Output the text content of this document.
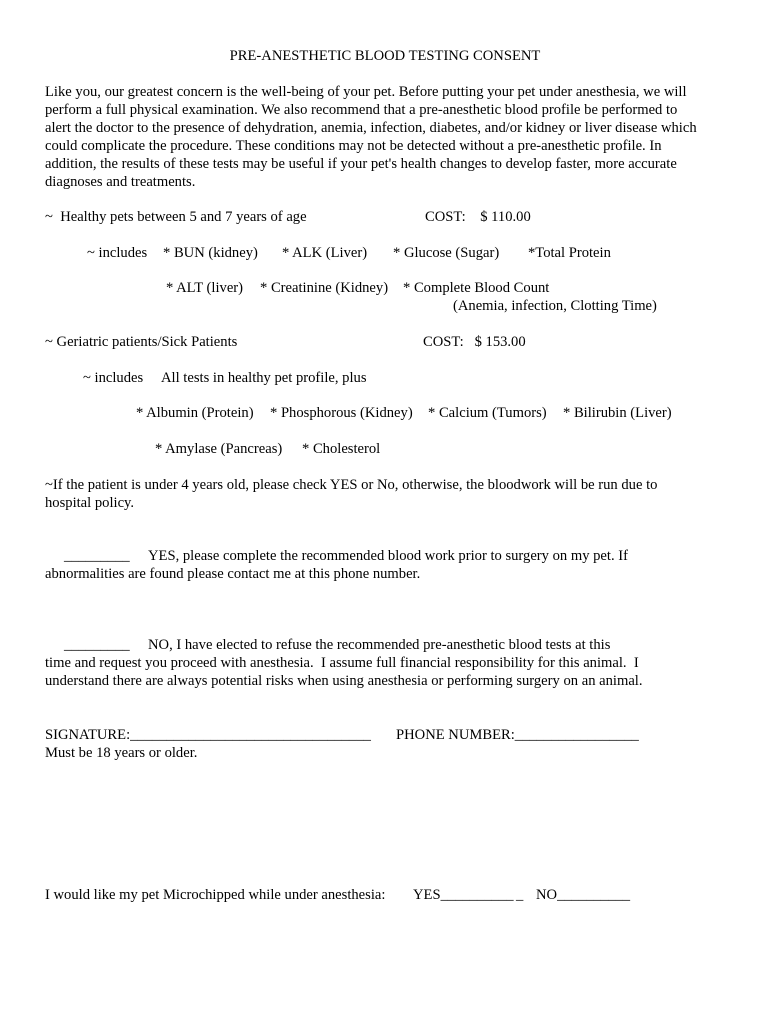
PRE-ANESTHETIC BLOOD TESTING CONSENT
Like you, our greatest concern is the well-being of your pet. Before putting your pet under anesthesia, we will
perform a full physical examination. We also recommend that a pre-anesthetic blood profile be performed to
alert the doctor to the presence of dehydration, anemia, infection, diabetes, and/or kidney or liver disease which
could complicate the procedure. These conditions may not be detected without a pre-anesthetic profile. In
addition, the results of these tests may be useful if your pet's health changes to develop faster, more accurate
diagnoses and treatments.
~  Healthy pets between 5 and 7 years of age	COST:    $ 110.00
~ includes * BUN (kidney) * ALK (Liver) * Glucose (Sugar) *Total Protein
* ALT (liver) * Creatinine (Kidney) * Complete Blood Count
(Anemia, infection, Clotting Time)
~ Geriatric patients/Sick Patients	COST:   $ 153.00
~ includes All tests in healthy pet profile, plus
* Albumin (Protein) * Phosphorous (Kidney) * Calcium (Tumors) * Bilirubin (Liver)
* Amylase (Pancreas) * Cholesterol
~If the patient is under 4 years old, please check YES or No, otherwise, the bloodwork will be run due to
hospital policy.
_________ YES, please complete the recommended blood work prior to surgery on my pet. If
abnormalities are found please contact me at this phone number.
_________ NO, I have elected to refuse the recommended pre-anesthetic blood tests at this
time and request you proceed with anesthesia.  I assume full financial responsibility for this animal.  I
understand there are always potential risks when using anesthesia or performing surgery on an animal.
SIGNATURE:_________________________________ PHONE NUMBER:_________________
Must be 18 years or older.
I would like my pet Microchipped while under anesthesia: YES__________ _ NO__________
